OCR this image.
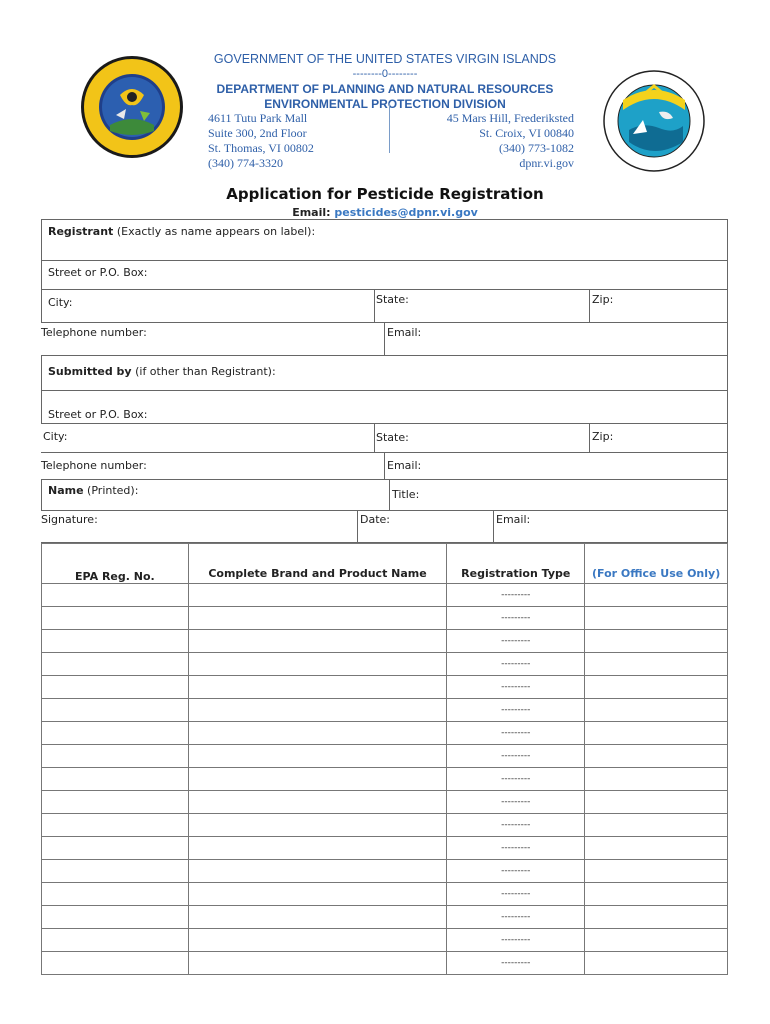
GOVERNMENT OF THE UNITED STATES VIRGIN ISLANDS
--------0--------
DEPARTMENT OF PLANNING AND NATURAL RESOURCES
ENVIRONMENTAL PROTECTION DIVISION
4611 Tutu Park Mall
Suite 300, 2nd Floor
St. Thomas, VI 00802
(340) 774-3320
45 Mars Hill, Frederiksted
St. Croix, VI 00840
(340) 773-1082
dpnr.vi.gov
Application for Pesticide Registration
Email: pesticides@dpnr.vi.gov
Registrant (Exactly as name appears on label):
Street or P.O. Box:
City:	State:	Zip:
Telephone number:	Email:
Submitted by (if other than Registrant):
Street or P.O. Box:
City:	State:	Zip:
Telephone number:	Email:
Name (Printed):	Title:
Signature:	Date:	Email:
EPA Reg. No.	Complete Brand and Product Name	Registration Type	(For Office Use Only)
		---------	
		---------	
		---------	
		---------	
		---------	
		---------	
		---------	
		---------	
		---------	
		---------	
		---------	
		---------	
		---------	
		---------	
		---------	
		---------	
		---------	
